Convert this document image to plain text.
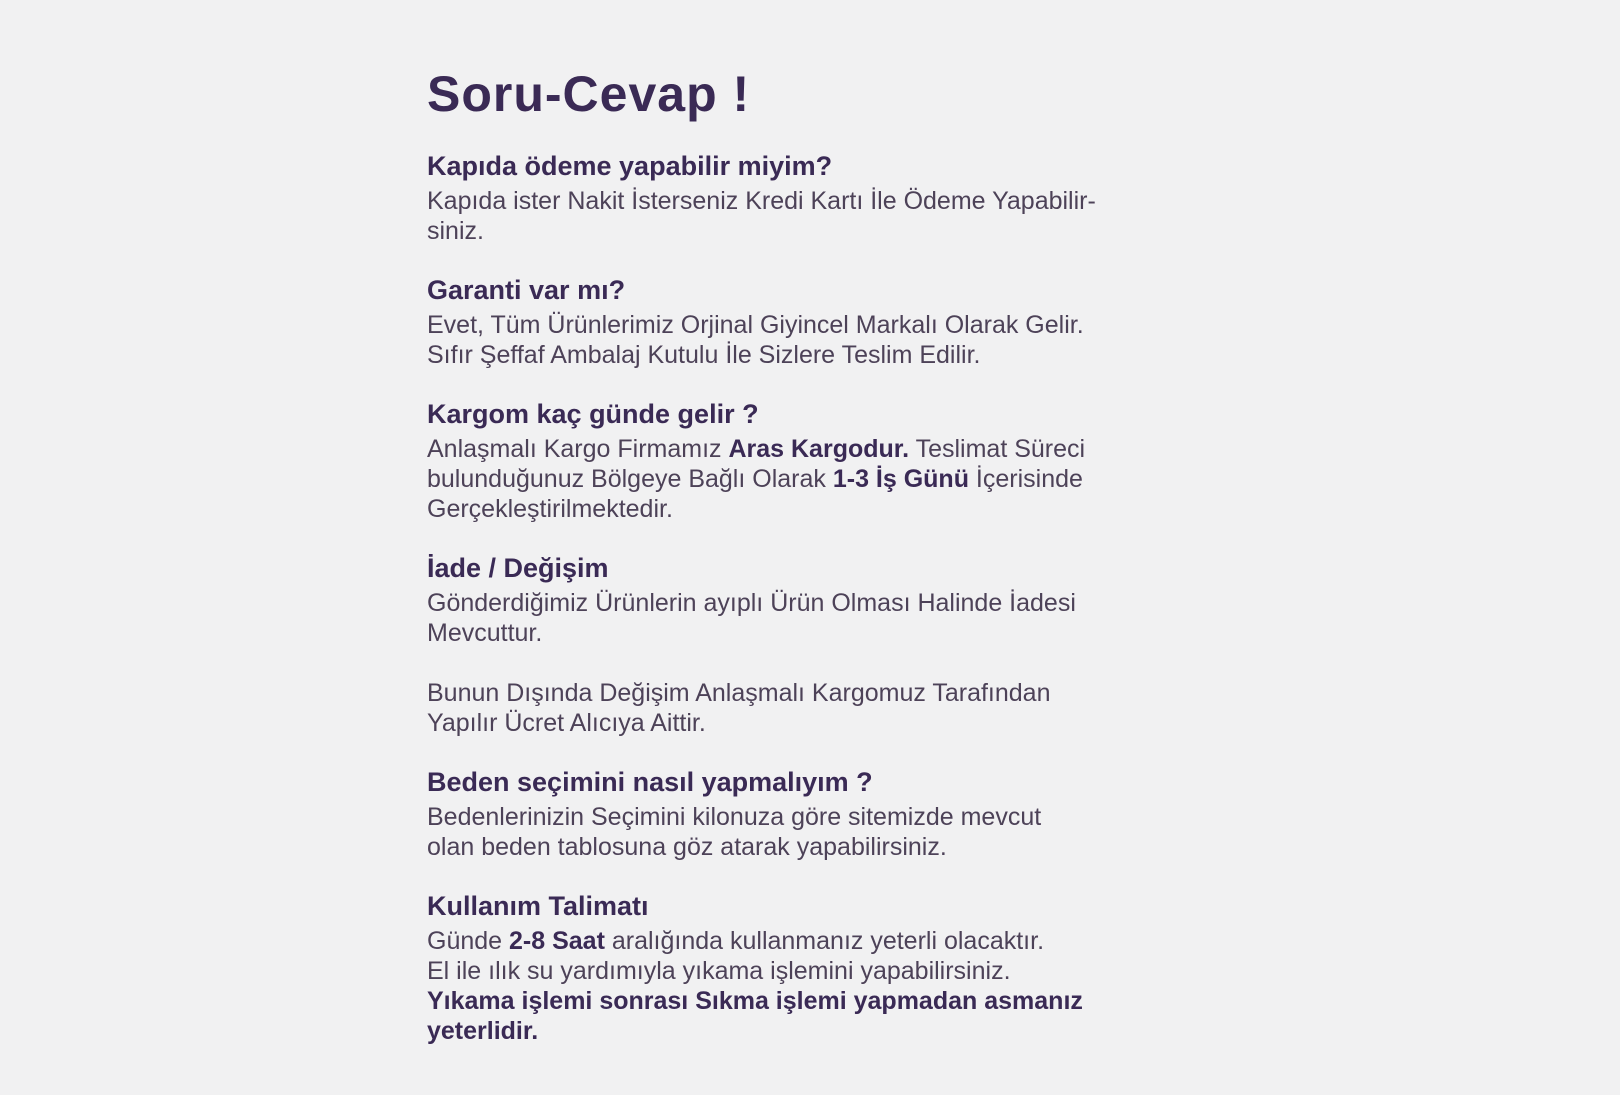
Soru-Cevap !
Kapıda ödeme yapabilir miyim?

Kapıda ister Nakit İsterseniz Kredi Kartı İle Ödeme Yapabilir-
siniz.

Garanti var mı?

Evet, Tüm Ürünlerimiz Orjinal Giyincel Markalı Olarak Gelir.
Sıfır Şeffaf Ambalaj Kutulu İle Sizlere Teslim Edilir.

Kargom kaç günde gelir ?

Anlaşmalı Kargo Firmamız Aras Kargodur. Teslimat Süreci
bulunduğunuz Bölgeye Bağlı Olarak 1-3 İş Günü İçerisinde
Gerçekleştirilmektedir.

İade / Değişim

Gönderdiğimiz Ürünlerin ayıplı Ürün Olması Halinde İadesi
Mevcuttur.

Bunun Dışında Değişim Anlaşmalı Kargomuz Tarafından
Yapılır Ücret Alıcıya Aittir.

Beden seçimini nasıl yapmalıyım ?

Bedenlerinizin Seçimini kilonuza göre sitemizde mevcut
olan beden tablosuna göz atarak yapabilirsiniz.

Kullanım Talimatı

Günde 2-8 Saat aralığında kullanmanız yeterli olacaktır.
El ile ılık su yardımıyla yıkama işlemini yapabilirsiniz.
Yıkama işlemi sonrası Sıkma işlemi yapmadan asmanız
yeterlidir.
